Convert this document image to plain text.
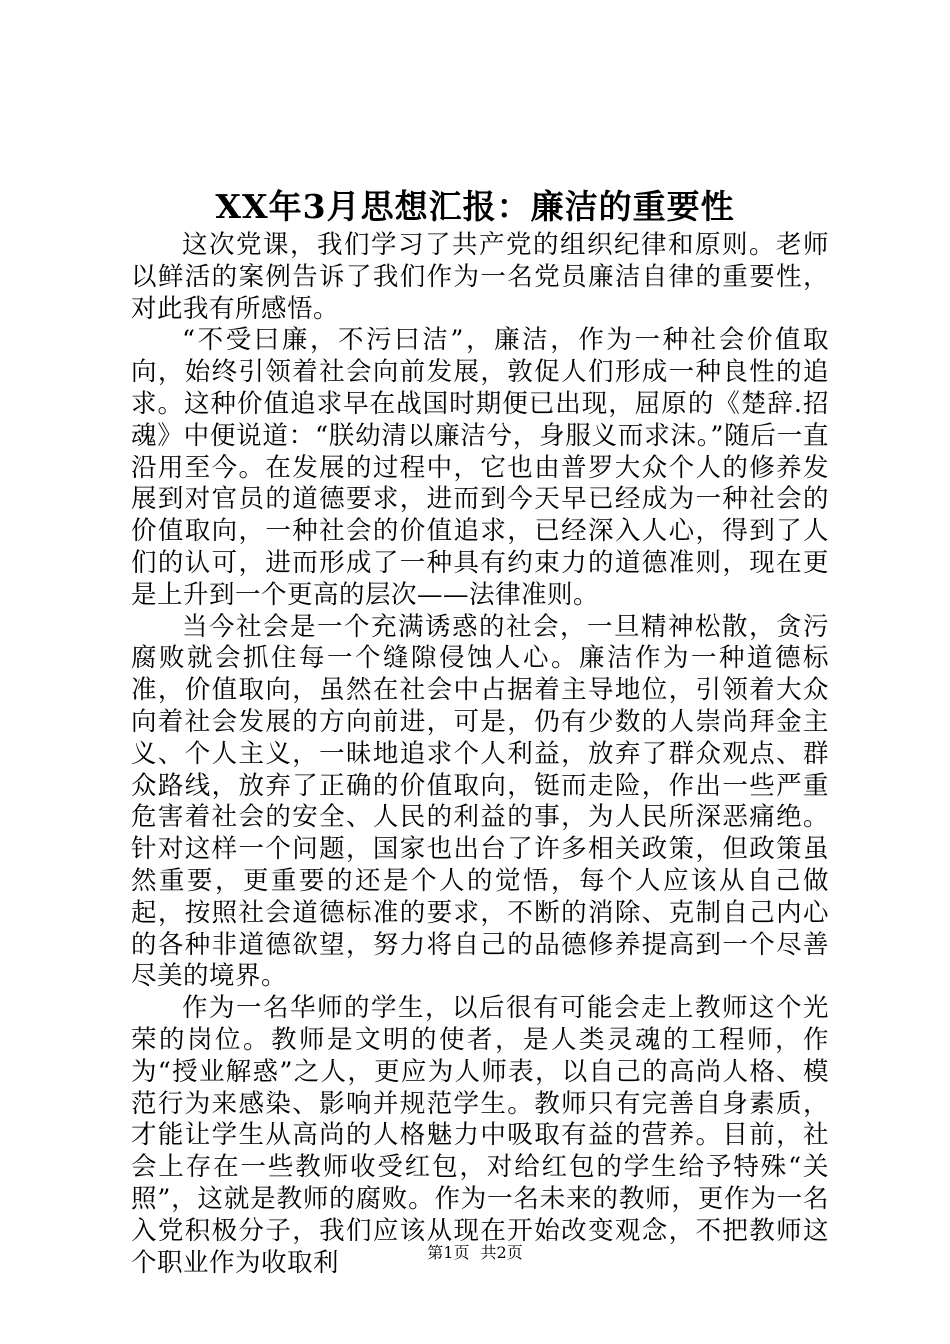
XX年3月思想汇报：廉洁的重要性

这次党课，我们学习了共产党的组织纪律和原则。老师以鲜活的案例告诉了我们作为一名党员廉洁自律的重要性，对此我有所感悟。

“不受曰廉，不污曰洁”，廉洁，作为一种社会价值取向，始终引领着社会向前发展，敦促人们形成一种良性的追求。这种价值追求早在战国时期便已出现，屈原的《楚辞.招魂》中便说道：“朕幼清以廉洁兮，身服义而求沫。”随后一直沿用至今。在发展的过程中，它也由普罗大众个人的修养发展到对官员的道德要求，进而到今天早已经成为一种社会的价值取向，一种社会的价值追求，已经深入人心，得到了人们的认可，进而形成了一种具有约束力的道德准则，现在更是上升到一个更高的层次——法律准则。

当今社会是一个充满诱惑的社会，一旦精神松散，贪污腐败就会抓住每一个缝隙侵蚀人心。廉洁作为一种道德标准，价值取向，虽然在社会中占据着主导地位，引领着大众向着社会发展的方向前进，可是，仍有少数的人崇尚拜金主义、个人主义，一昧地追求个人利益，放弃了群众观点、群众路线，放弃了正确的价值取向，铤而走险，作出一些严重危害着社会的安全、人民的利益的事，为人民所深恶痛绝。针对这样一个问题，国家也出台了许多相关政策，但政策虽然重要，更重要的还是个人的觉悟，每个人应该从自己做起，按照社会道德标准的要求，不断的消除、克制自己内心的各种非道德欲望，努力将自己的品德修养提高到一个尽善尽美的境界。

作为一名华师的学生，以后很有可能会走上教师这个光荣的岗位。教师是文明的使者，是人类灵魂的工程师，作为“授业解惑”之人，更应为人师表，以自己的高尚人格、模范行为来感染、影响并规范学生。教师只有完善自身素质，才能让学生从高尚的人格魅力中吸取有益的营养。目前，社会上存在一些教师收受红包，对给红包的学生给予特殊“关照”，这就是教师的腐败。作为一名未来的教师，更作为一名入党积极分子，我们应该从现在开始改变观念，不把教师这个职业作为收取利	第1页 共2页
